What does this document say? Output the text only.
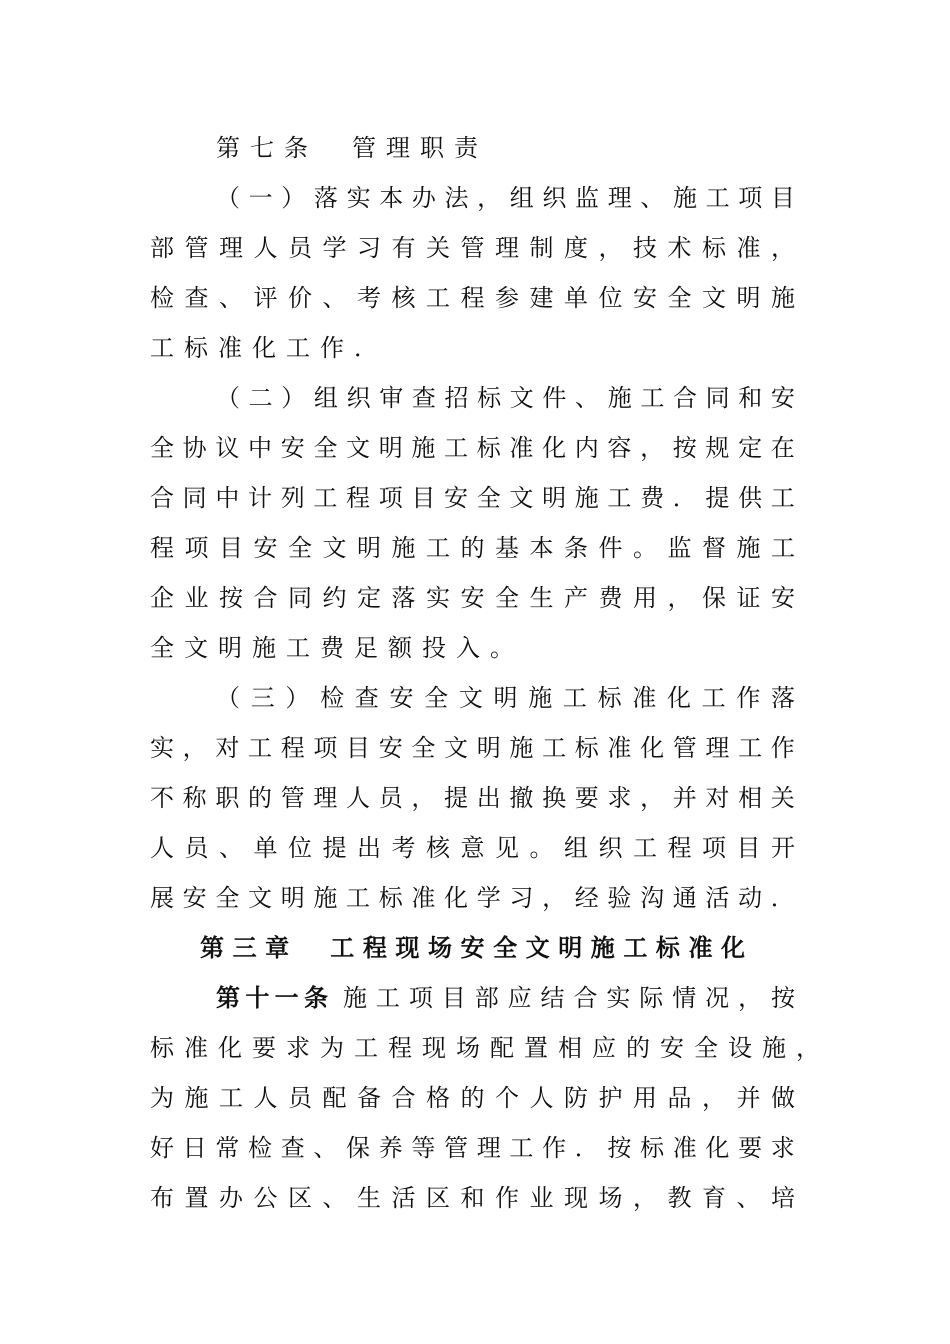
第七条　管理职责
（ 一 ） 落 实 本 办 法 ， 组 织 监 理 、 施 工 项 目
部 管 理 人 员 学 习 有 关 管 理 制 度 ， 技 术 标 准 ，
检 查 、 评 价 、 考 核 工 程 参 建 单 位 安 全 文 明 施
工标准化工作．
（ 二 ） 组 织 审 查 招 标 文 件 、 施 工 合 同 和 安
全 协 议 中 安 全 文 明 施 工 标 准 化 内 容 ， 按 规 定 在
合 同 中 计 列 工 程 项 目 安 全 文 明 施 工 费 ． 提 供 工
程 项 目 安 全 文 明 施 工 的 基 本 条 件 。 监 督 施 工
企 业 按 合 同 约 定 落 实 安 全 生 产 费 用 ， 保 证 安
全文明施工费足额投入。
（ 三 ） 检 查 安 全 文 明 施 工 标 准 化 工 作 落
实 ， 对 工 程 项 目 安 全 文 明 施 工 标 准 化 管 理 工 作
不 称 职 的 管 理 人 员 ， 提 出 撤 换 要 求 ， 并 对 相 关
人 员 、 单 位 提 出 考 核 意 见 。 组 织 工 程 项 目 开
展 安 全 文 明 施 工 标 准 化 学 习 ， 经 验 沟 通 活 动 ．
第 三 章
　 工 程 现 场 安 全 文 明 施 工 标 准 化
第 十 一 条 施 工 项 目 部 应 结 合 实 际 情 况 ， 按
标 准 化 要 求 为 工 程 现 场 配 置 相 应 的 安 全 设 施 ，
为 施 工 人 员 配 备 合 格 的 个 人 防 护 用 品 ， 并 做
好 日 常 检 查 、 保 养 等 管 理 工 作 ． 按 标 准 化 要 求
布 置 办 公 区 、 生 活 区 和 作 业 现 场 ， 教 育 、 培
